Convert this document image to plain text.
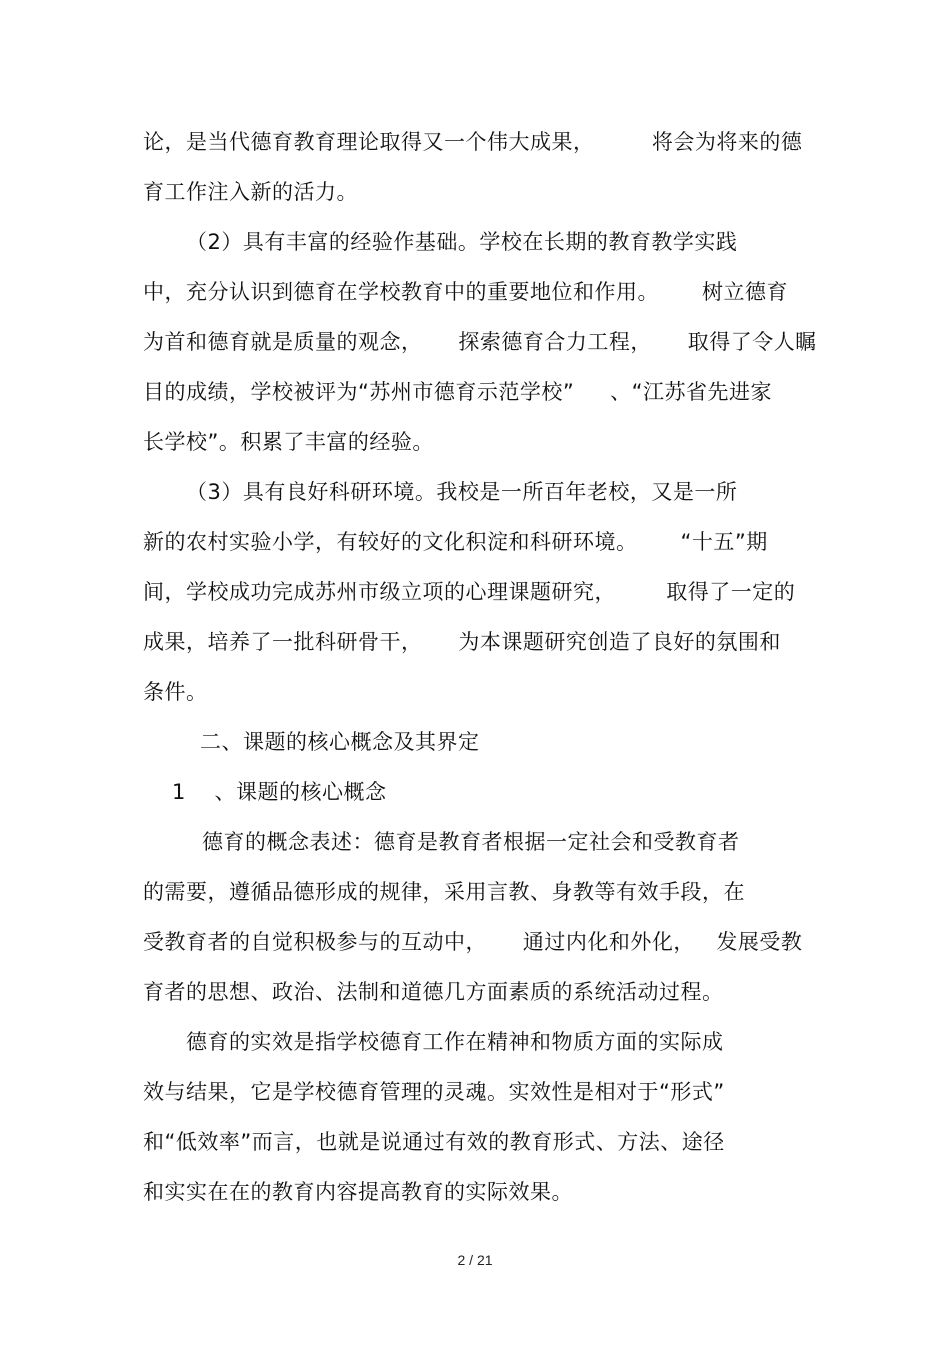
论，是当代德育教育理论取得又一个伟大成果，        将会为将来的德
育工作注入新的活力。
（2）具有丰富的经验作基础。学校在长期的教育教学实践
中，充分认识到德育在学校教育中的重要地位和作用。      树立德育
为首和德育就是质量的观念，     探索德育合力工程，     取得了令人瞩
目的成绩，学校被评为“苏州市德育示范学校”     、“江苏省先进家
长学校”。积累了丰富的经验。
（3）具有良好科研环境。我校是一所百年老校，又是一所
新的农村实验小学，有较好的文化积淀和科研环境。      “十五”期
间，学校成功完成苏州市级立项的心理课题研究，       取得了一定的
成果，培养了一批科研骨干，     为本课题研究创造了良好的氛围和
条件。
二、课题的核心概念及其界定
1    、课题的核心概念
德育的概念表述：德育是教育者根据一定社会和受教育者
的需要，遵循品德形成的规律，采用言教、身教等有效手段，在
受教育者的自觉积极参与的互动中，     通过内化和外化，   发展受教
育者的思想、政治、法制和道德几方面素质的系统活动过程。
德育的实效是指学校德育工作在精神和物质方面的实际成
效与结果，它是学校德育管理的灵魂。实效性是相对于“形式”
和“低效率”而言，也就是说通过有效的教育形式、方法、途径
和实实在在的教育内容提高教育的实际效果。
2 / 21
